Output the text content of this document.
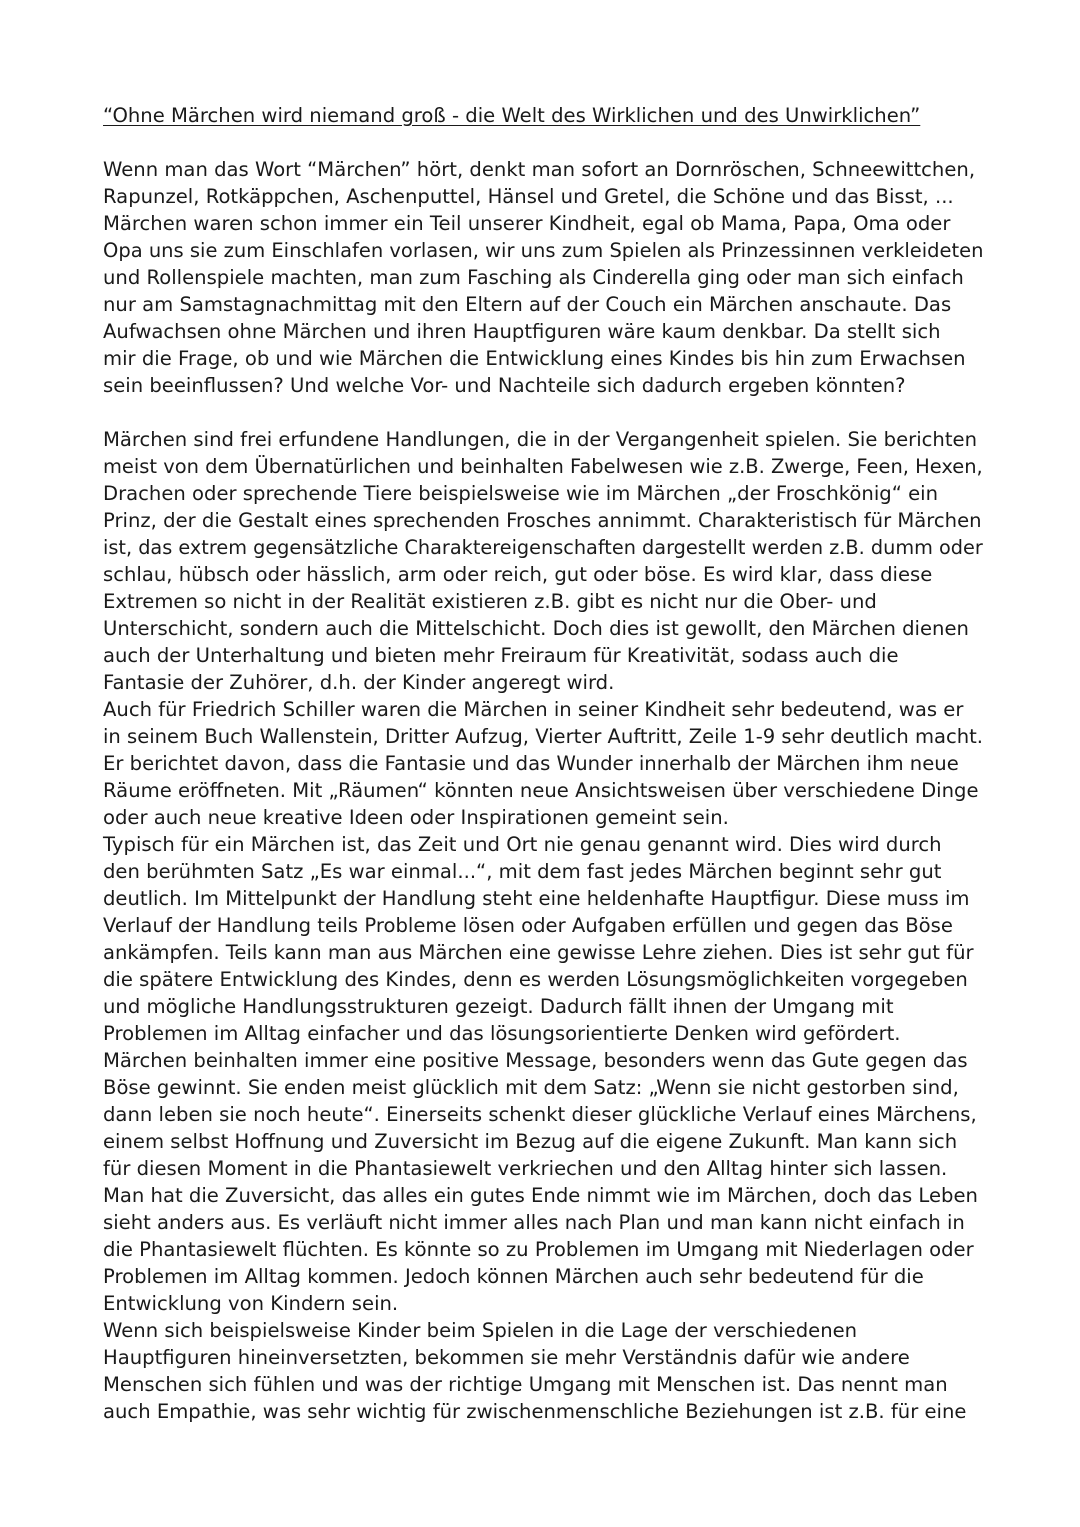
“Ohne Märchen wird niemand groß - die Welt des Wirklichen und des Unwirklichen”

Wenn man das Wort “Märchen” hört, denkt man sofort an Dornröschen, Schneewittchen,
Rapunzel, Rotkäppchen, Aschenputtel, Hänsel und Gretel, die Schöne und das Bisst, ...
Märchen waren schon immer ein Teil unserer Kindheit, egal ob Mama, Papa, Oma oder
Opa uns sie zum Einschlafen vorlasen, wir uns zum Spielen als Prinzessinnen verkleideten
und Rollenspiele machten, man zum Fasching als Cinderella ging oder man sich einfach
nur am Samstagnachmittag mit den Eltern auf der Couch ein Märchen anschaute. Das
Aufwachsen ohne Märchen und ihren Hauptfiguren wäre kaum denkbar. Da stellt sich
mir die Frage, ob und wie Märchen die Entwicklung eines Kindes bis hin zum Erwachsen
sein beeinflussen? Und welche Vor- und Nachteile sich dadurch ergeben könnten?

Märchen sind frei erfundene Handlungen, die in der Vergangenheit spielen. Sie berichten
meist von dem Übernatürlichen und beinhalten Fabelwesen wie z.B. Zwerge, Feen, Hexen,
Drachen oder sprechende Tiere beispielsweise wie im Märchen „der Froschkönig“ ein
Prinz, der die Gestalt eines sprechenden Frosches annimmt. Charakteristisch für Märchen
ist, das extrem gegensätzliche Charaktereigenschaften dargestellt werden z.B. dumm oder
schlau, hübsch oder hässlich, arm oder reich, gut oder böse. Es wird klar, dass diese
Extremen so nicht in der Realität existieren z.B. gibt es nicht nur die Ober- und
Unterschicht, sondern auch die Mittelschicht. Doch dies ist gewollt, den Märchen dienen
auch der Unterhaltung und bieten mehr Freiraum für Kreativität, sodass auch die
Fantasie der Zuhörer, d.h. der Kinder angeregt wird.

Auch für Friedrich Schiller waren die Märchen in seiner Kindheit sehr bedeutend, was er
in seinem Buch Wallenstein, Dritter Aufzug, Vierter Auftritt, Zeile 1-9 sehr deutlich macht.
Er berichtet davon, dass die Fantasie und das Wunder innerhalb der Märchen ihm neue
Räume eröffneten. Mit „Räumen“ könnten neue Ansichtsweisen über verschiedene Dinge
oder auch neue kreative Ideen oder Inspirationen gemeint sein.

Typisch für ein Märchen ist, das Zeit und Ort nie genau genannt wird. Dies wird durch
den berühmten Satz „Es war einmal...“, mit dem fast jedes Märchen beginnt sehr gut
deutlich. Im Mittelpunkt der Handlung steht eine heldenhafte Hauptfigur. Diese muss im
Verlauf der Handlung teils Probleme lösen oder Aufgaben erfüllen und gegen das Böse
ankämpfen. Teils kann man aus Märchen eine gewisse Lehre ziehen. Dies ist sehr gut für
die spätere Entwicklung des Kindes, denn es werden Lösungsmöglichkeiten vorgegeben
und mögliche Handlungsstrukturen gezeigt. Dadurch fällt ihnen der Umgang mit
Problemen im Alltag einfacher und das lösungsorientierte Denken wird gefördert.

Märchen beinhalten immer eine positive Message, besonders wenn das Gute gegen das
Böse gewinnt. Sie enden meist glücklich mit dem Satz: „Wenn sie nicht gestorben sind,
dann leben sie noch heute“. Einerseits schenkt dieser glückliche Verlauf eines Märchens,
einem selbst Hoffnung und Zuversicht im Bezug auf die eigene Zukunft. Man kann sich
für diesen Moment in die Phantasiewelt verkriechen und den Alltag hinter sich lassen.
Man hat die Zuversicht, das alles ein gutes Ende nimmt wie im Märchen, doch das Leben
sieht anders aus. Es verläuft nicht immer alles nach Plan und man kann nicht einfach in
die Phantasiewelt flüchten. Es könnte so zu Problemen im Umgang mit Niederlagen oder
Problemen im Alltag kommen. Jedoch können Märchen auch sehr bedeutend für die
Entwicklung von Kindern sein.

Wenn sich beispielsweise Kinder beim Spielen in die Lage der verschiedenen
Hauptfiguren hineinversetzten, bekommen sie mehr Verständnis dafür wie andere
Menschen sich fühlen und was der richtige Umgang mit Menschen ist. Das nennt man
auch Empathie, was sehr wichtig für zwischenmenschliche Beziehungen ist z.B. für eine
